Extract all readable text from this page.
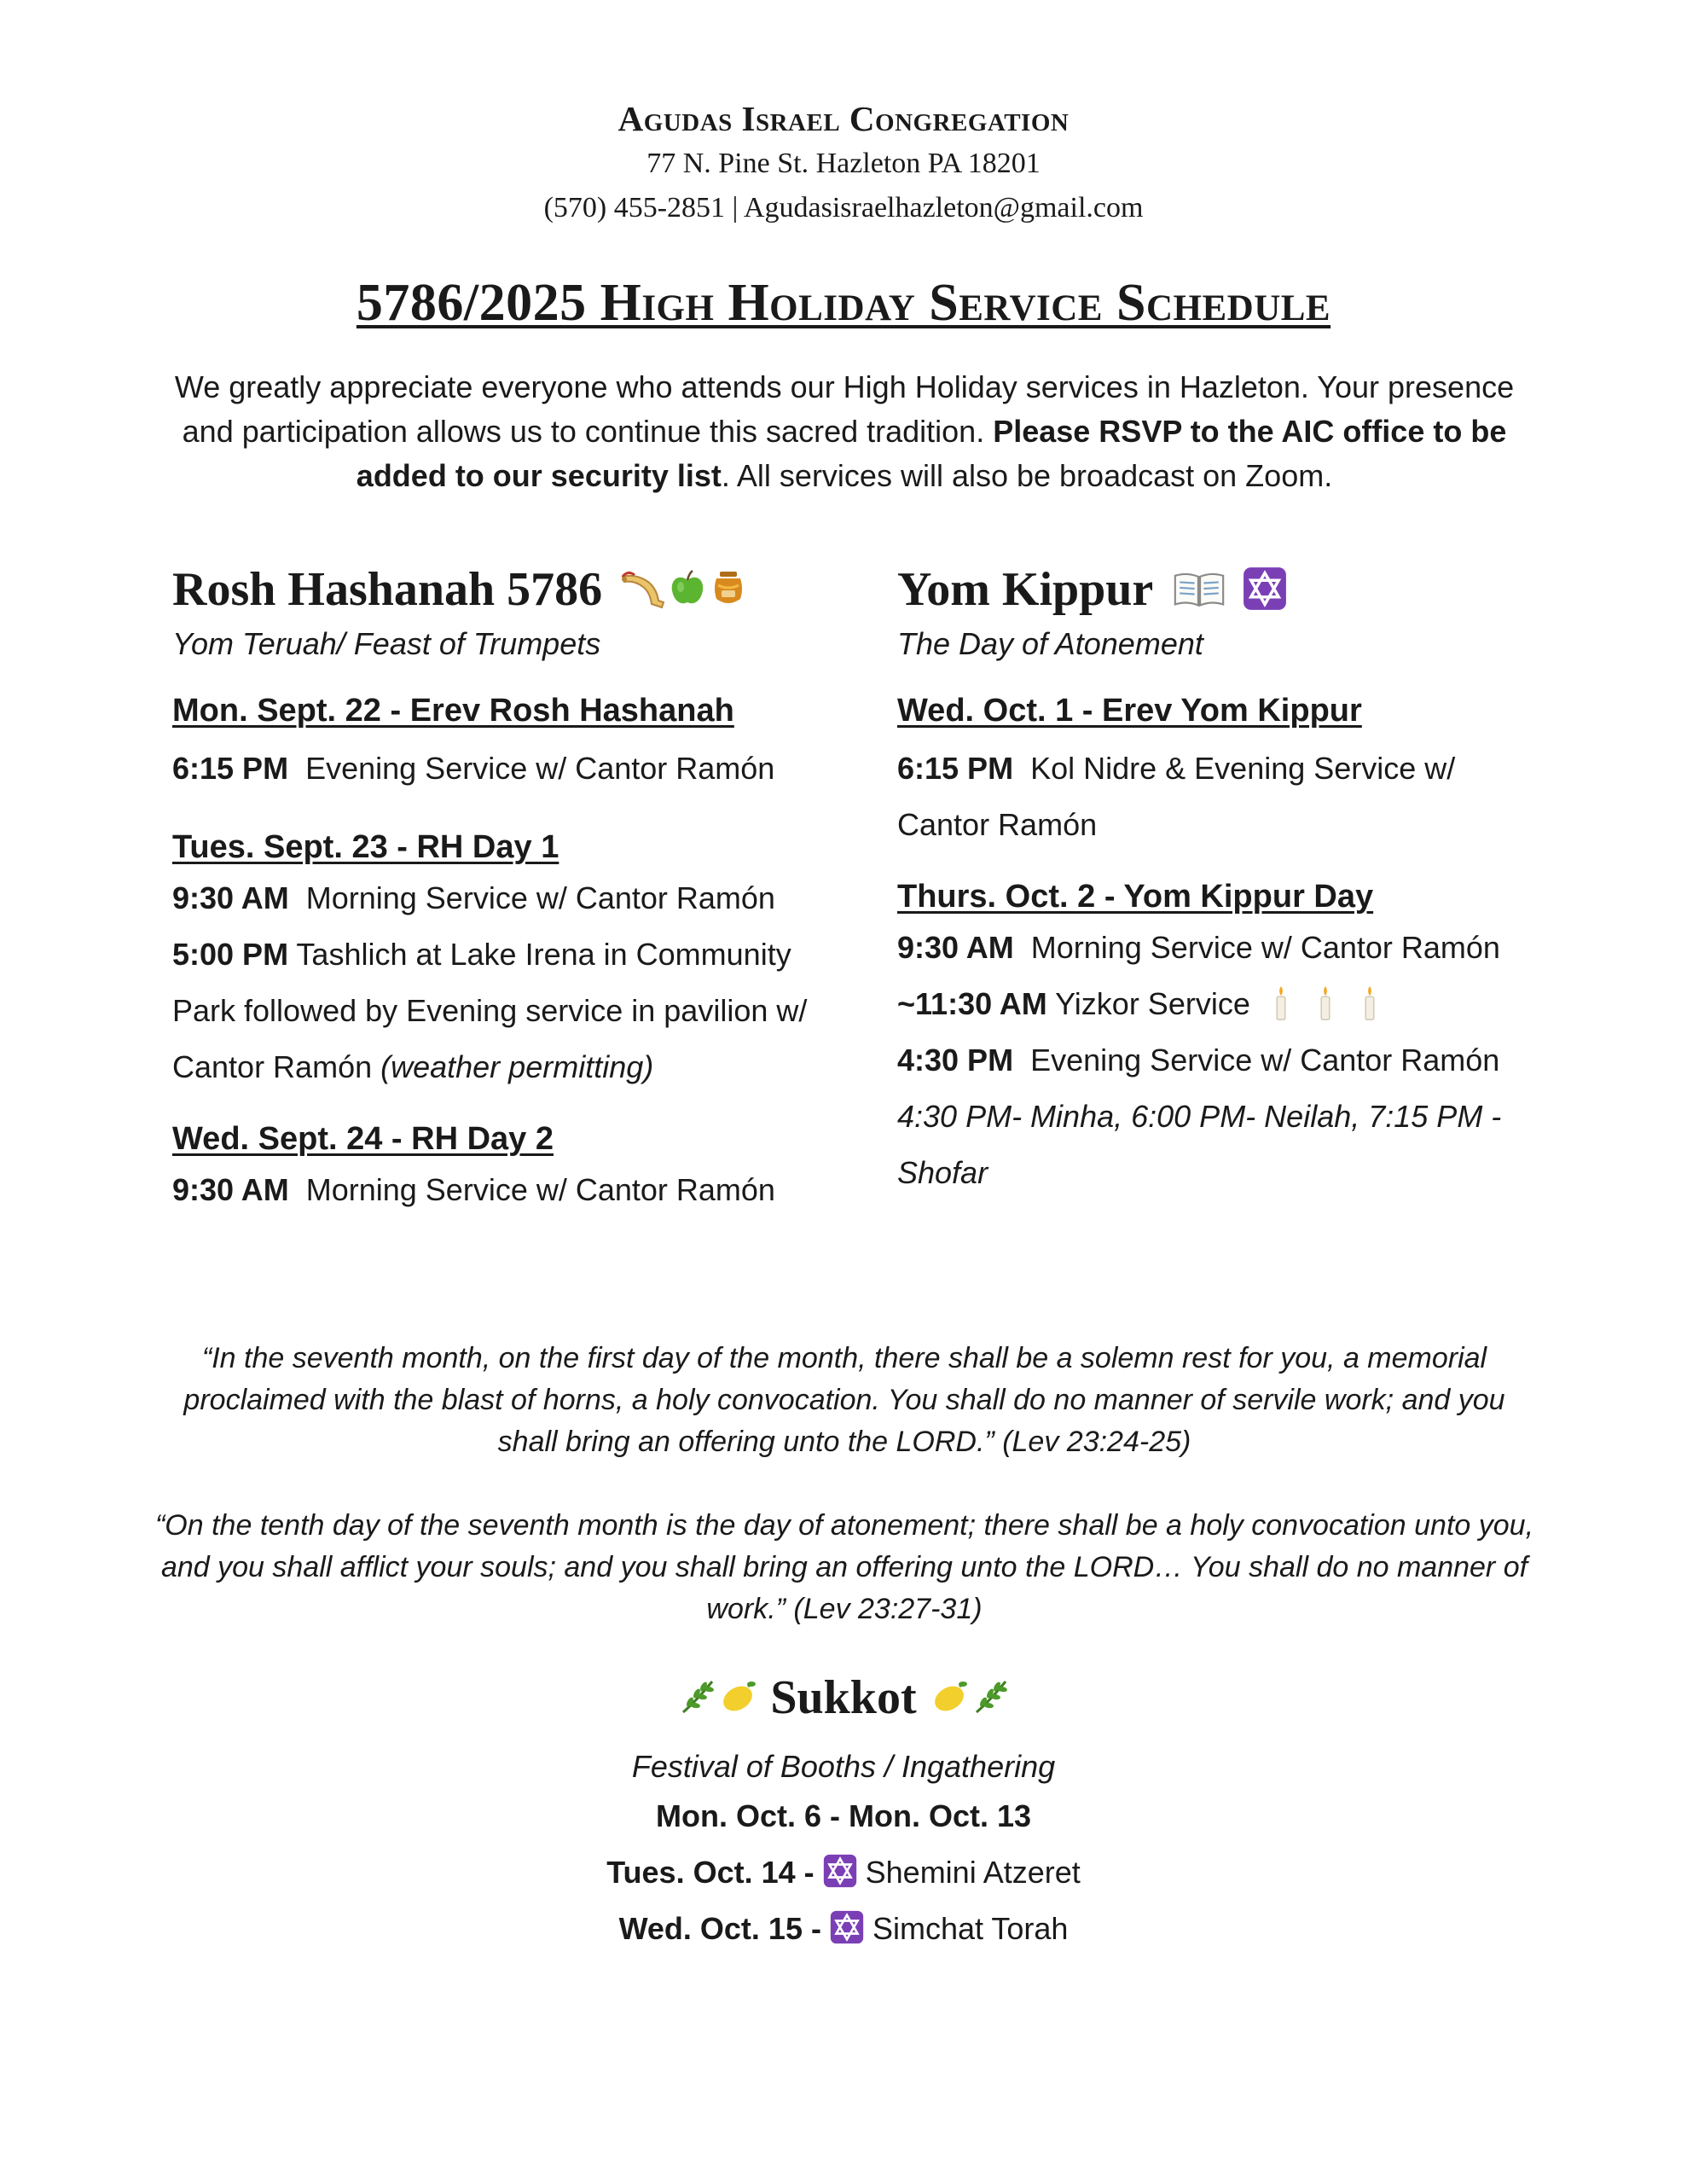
Agudas Israel Congregation
77 N. Pine St. Hazleton PA 18201
(570) 455-2851 | Agudasisraelhazleton@gmail.com
5786/2025 High Holiday Service Schedule
We greatly appreciate everyone who attends our High Holiday services in Hazleton. Your presence and participation allows us to continue this sacred tradition. Please RSVP to the AIC office to be added to our security list. All services will also be broadcast on Zoom.
Rosh Hashanah 5786
Yom Teruah/ Feast of Trumpets
Mon. Sept. 22 - Erev Rosh Hashanah
6:15 PM Evening Service w/ Cantor Ramón
Tues. Sept. 23 - RH Day 1
9:30 AM Morning Service w/ Cantor Ramón
5:00 PM Tashlich at Lake Irena in Community
Park followed by Evening service in pavilion w/
Cantor Ramón (weather permitting)
Wed. Sept. 24 - RH Day 2
9:30 AM Morning Service w/ Cantor Ramón
Yom Kippur
The Day of Atonement
Wed. Oct. 1 - Erev Yom Kippur
6:15 PM Kol Nidre & Evening Service w/
Cantor Ramón
Thurs. Oct. 2 - Yom Kippur Day
9:30 AM Morning Service w/ Cantor Ramón
~11:30 AM Yizkor Service
4:30 PM Evening Service w/ Cantor Ramón
4:30 PM- Minha, 6:00 PM- Neilah, 7:15 PM -
Shofar
“In the seventh month, on the first day of the month, there shall be a solemn rest for you, a memorial proclaimed with the blast of horns, a holy convocation. You shall do no manner of servile work; and you shall bring an offering unto the LORD.” (Lev 23:24-25)
“On the tenth day of the seventh month is the day of atonement; there shall be a holy convocation unto you, and you shall afflict your souls; and you shall bring an offering unto the LORD… You shall do no manner of work.” (Lev 23:27-31)
Sukkot
Festival of Booths / Ingathering
Mon. Oct. 6 - Mon. Oct. 13
Tues. Oct. 14 -  Shemini Atzeret
Wed. Oct. 15 -  Simchat Torah
